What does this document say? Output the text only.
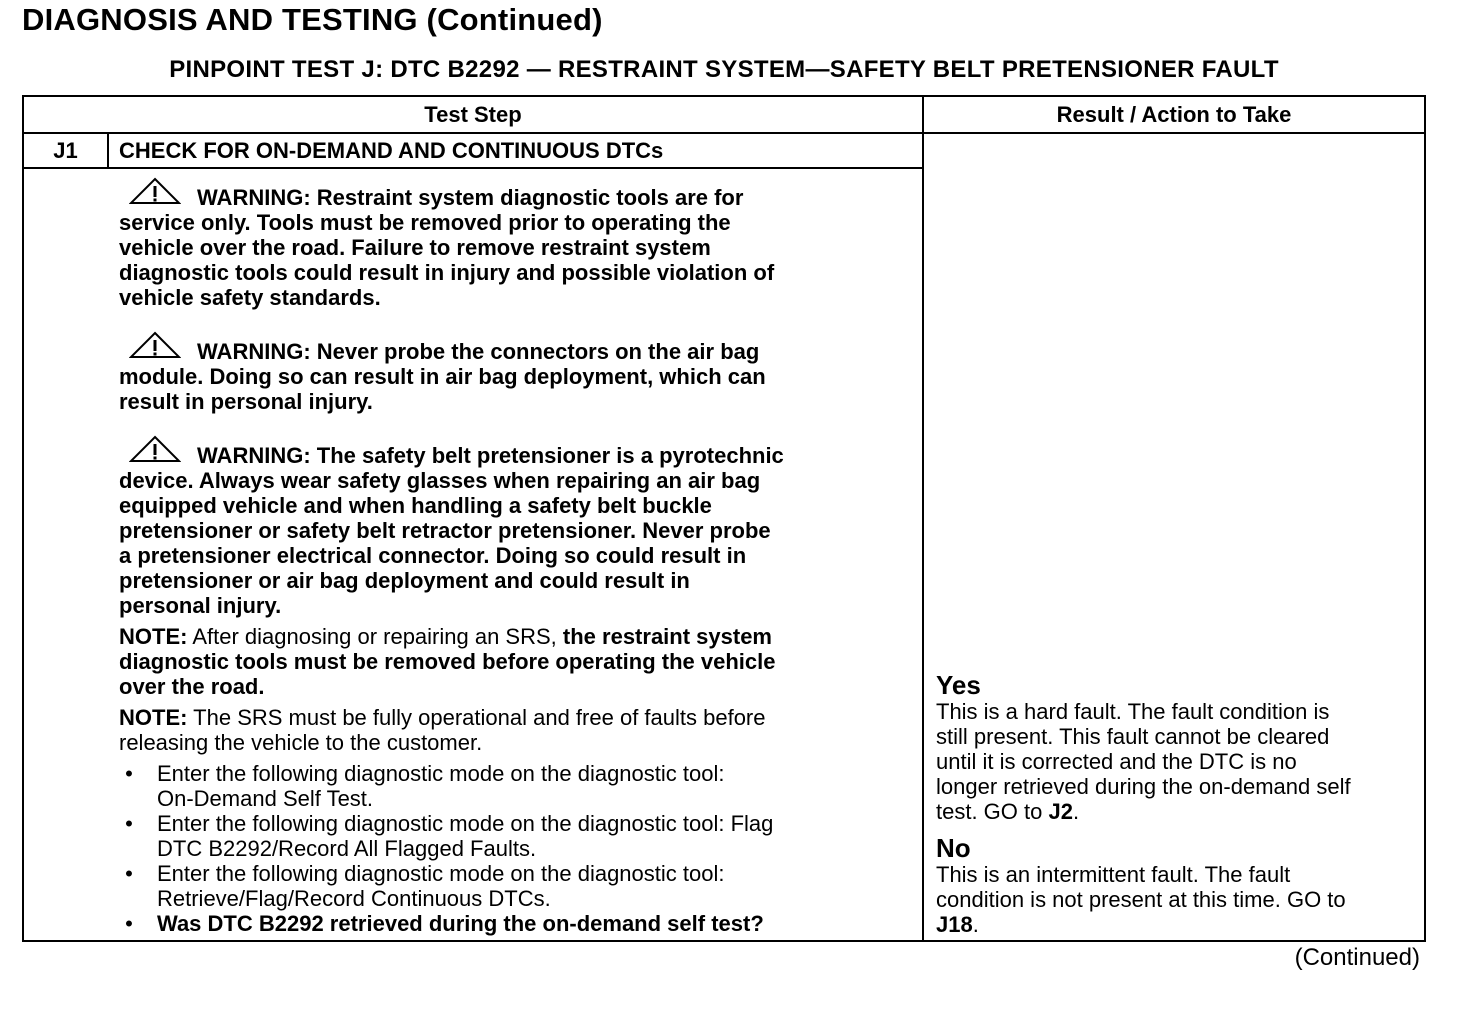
DIAGNOSIS AND TESTING (Continued)
PINPOINT TEST J: DTC B2292 — RESTRAINT SYSTEM—SAFETY BELT PRETENSIONER FAULT
Test Step	Result / Action to Take
J1	CHECK FOR ON-DEMAND AND CONTINUOUS DTCs
WARNING: Restraint system diagnostic tools are for
service only. Tools must be removed prior to operating the
vehicle over the road. Failure to remove restraint system
diagnostic tools could result in injury and possible violation of
vehicle safety standards.
WARNING: Never probe the connectors on the air bag
module. Doing so can result in air bag deployment, which can
result in personal injury.
WARNING: The safety belt pretensioner is a pyrotechnic
device. Always wear safety glasses when repairing an air bag
equipped vehicle and when handling a safety belt buckle
pretensioner or safety belt retractor pretensioner. Never probe
a pretensioner electrical connector. Doing so could result in
pretensioner or air bag deployment and could result in
personal injury.
NOTE: After diagnosing or repairing an SRS, the restraint system
diagnostic tools must be removed before operating the vehicle
over the road.
NOTE: The SRS must be fully operational and free of faults before
releasing the vehicle to the customer.
• Enter the following diagnostic mode on the diagnostic tool:
On-Demand Self Test.
• Enter the following diagnostic mode on the diagnostic tool: Flag
DTC B2292/Record All Flagged Faults.
• Enter the following diagnostic mode on the diagnostic tool:
Retrieve/Flag/Record Continuous DTCs.
• Was DTC B2292 retrieved during the on-demand self test?
Yes
This is a hard fault. The fault condition is
still present. This fault cannot be cleared
until it is corrected and the DTC is no
longer retrieved during the on-demand self
test. GO to J2.
No
This is an intermittent fault. The fault
condition is not present at this time. GO to
J18.
(Continued)
